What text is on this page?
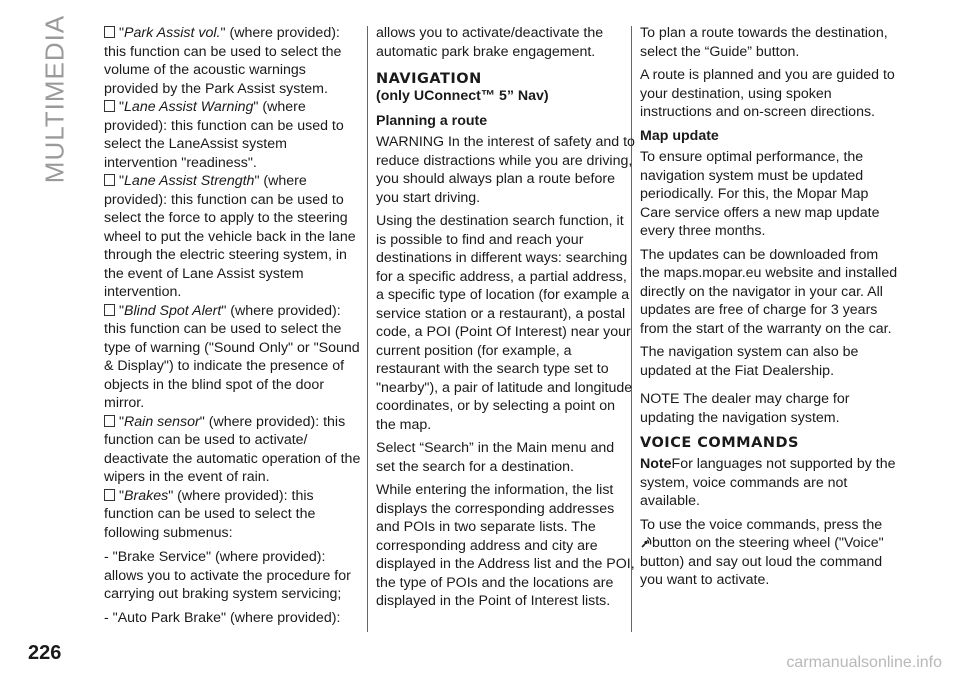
MULTIMEDIA	"Park Assist vol." (where provided): this function can be used to select the volume of the acoustic warnings provided by the Park Assist system.

"Lane Assist Warning" (where provided): this function can be used to select the LaneAssist system intervention "readiness".

"Lane Assist Strength" (where provided): this function can be used to select the force to apply to the steering wheel to put the vehicle back in the lane through the electric steering system, in the event of Lane Assist system intervention.

"Blind Spot Alert" (where provided): this function can be used to select the type of warning ("Sound Only" or "Sound & Display") to indicate the presence of objects in the blind spot of the door mirror.

"Rain sensor" (where provided): this function can be used to activate/ deactivate the automatic operation of the wipers in the event of rain.

"Brakes" (where provided): this function can be used to select the following submenus:

- "Brake Service" (where provided): allows you to activate the procedure for carrying out braking system servicing;

- "Auto Park Brake" (where provided):

allows you to activate/deactivate the automatic park brake engagement.

NAVIGATION
(only UConnect™ 5” Nav)
Planning a route

WARNING In the interest of safety and to reduce distractions while you are driving, you should always plan a route before you start driving.

Using the destination search function, it is possible to find and reach your destinations in different ways: searching for a specific address, a partial address, a specific type of location (for example a service station or a restaurant), a postal code, a POI (Point Of Interest) near your current position (for example, a restaurant with the search type set to "nearby"), a pair of latitude and longitude coordinates, or by selecting a point on the map.

Select “Search” in the Main menu and set the search for a destination.

While entering the information, the list displays the corresponding addresses and POIs in two separate lists. The corresponding address and city are displayed in the Address list and the POI, the type of POIs and the locations are displayed in the Point of Interest lists.

To plan a route towards the destination, select the “Guide” button.

A route is planned and you are guided to your destination, using spoken instructions and on-screen directions.

Map update

To ensure optimal performance, the navigation system must be updated periodically. For this, the Mopar Map Care service offers a new map update every three months.

The updates can be downloaded from the maps.mopar.eu website and installed directly on the navigator in your car. All updates are free of charge for 3 years from the start of the warranty on the car.

The navigation system can also be updated at the Fiat Dealership.

NOTE The dealer may charge for updating the navigation system.

VOICE COMMANDS

NoteFor languages not supported by the system, voice commands are not available.

To use the voice commands, press the
button on the steering wheel ("Voice" button) and say out loud the command you want to activate.

226	carmanualsonline.info
